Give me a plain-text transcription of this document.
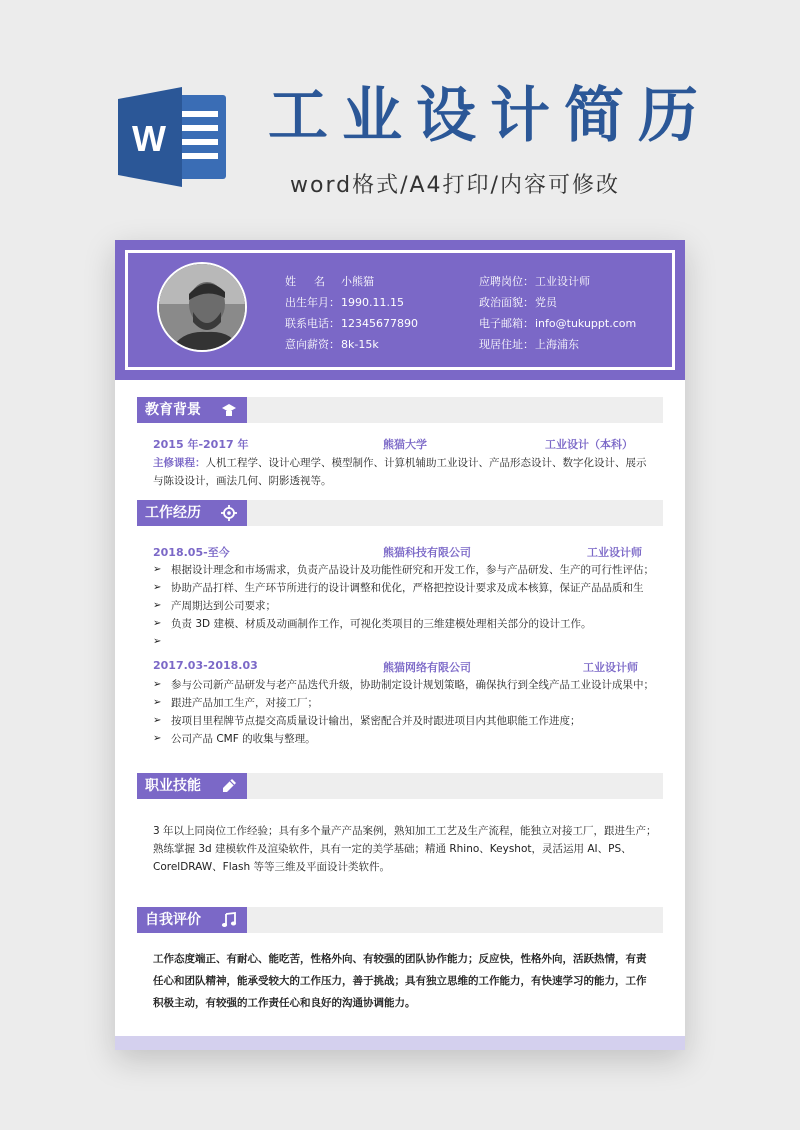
W 工业设计简历
word格式/A4打印/内容可修改
姓名小熊猫
出生年月：1990.11.15
联系电话：12345677890
意向薪资：8k-15k
应聘岗位：工业设计师
政治面貌：党员
电子邮箱：info@tukuppt.com
现居住址：上海浦东
教育背景
2015 年-2017 年	熊猫大学	工业设计（本科）
主修课程：人机工程学、设计心理学、模型制作、计算机辅助工业设计、产品形态设计、数字化设计、展示
与陈设设计，画法几何、阴影透视等。
工作经历
2018.05-至今	熊猫科技有限公司	工业设计师
➢ 根据设计理念和市场需求，负责产品设计及功能性研究和开发工作，参与产品研发、生产的可行性评估；
➢ 协助产品打样、生产环节所进行的设计调整和优化，严格把控设计要求及成本核算，保证产品品质和生
➢ 产周期达到公司要求；
➢ 负责 3D 建模、材质及动画制作工作，可视化类项目的三维建模处理相关部分的设计工作。
➢
2017.03-2018.03	熊猫网络有限公司	工业设计师
➢ 参与公司新产品研发与老产品迭代升级，协助制定设计规划策略，确保执行到全线产品工业设计成果中；
➢ 跟进产品加工生产，对接工厂；
➢ 按项目里程牌节点提交高质量设计输出，紧密配合并及时跟进项目内其他职能工作进度；
➢ 公司产品 CMF 的收集与整理。
职业技能
3 年以上同岗位工作经验；具有多个量产产品案例，熟知加工工艺及生产流程，能独立对接工厂，跟进生产；
熟练掌握 3d 建模软件及渲染软件，具有一定的美学基础；精通 Rhino、Keyshot，灵活运用 AI、PS、
CorelDRAW、Flash 等等三维及平面设计类软件。
自我评价
工作态度端正、有耐心、能吃苦，性格外向、有较强的团队协作能力；反应快，性格外向，活跃热情，有责
任心和团队精神，能承受较大的工作压力，善于挑战；具有独立思维的工作能力，有快速学习的能力，工作
积极主动，有较强的工作责任心和良好的沟通协调能力。
